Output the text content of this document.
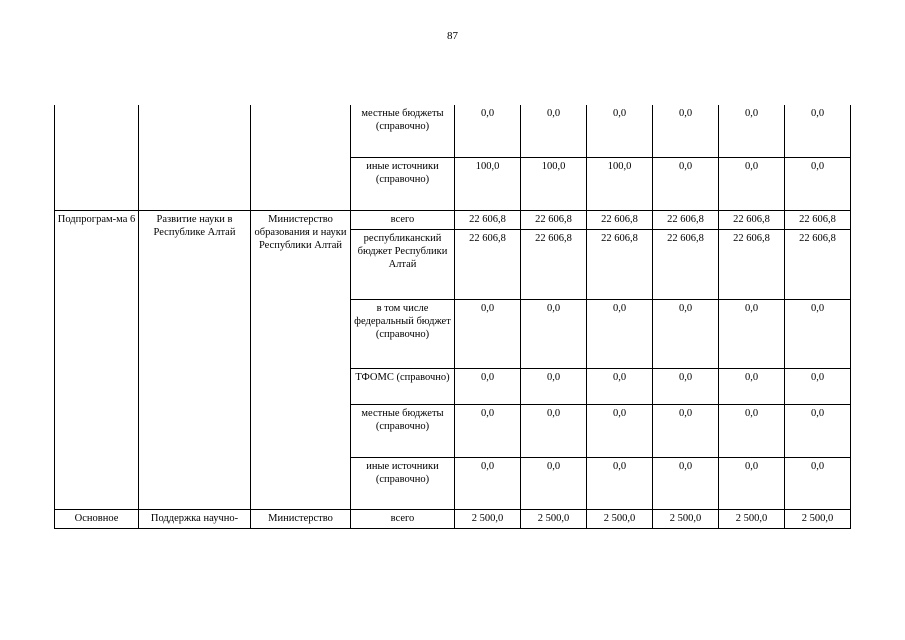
87
			местные бюджеты (справочно)	0,0	0,0	0,0	0,0	0,0	0,0
			иные источники (справочно)	100,0	100,0	100,0	0,0	0,0	0,0
Подпрограм-ма 6	Развитие науки в Республике Алтай	Министерство образования и науки Республики Алтай	всего	22 606,8	22 606,8	22 606,8	22 606,8	22 606,8	22 606,8
			республиканский бюджет Республики Алтай	22 606,8	22 606,8	22 606,8	22 606,8	22 606,8	22 606,8
			в том числе федеральный бюджет (справочно)	0,0	0,0	0,0	0,0	0,0	0,0
			ТФОМС (справочно)	0,0	0,0	0,0	0,0	0,0	0,0
			местные бюджеты (справочно)	0,0	0,0	0,0	0,0	0,0	0,0
			иные источники (справочно)	0,0	0,0	0,0	0,0	0,0	0,0
Основное	Поддержка научно-	Министерство	всего	2 500,0	2 500,0	2 500,0	2 500,0	2 500,0	2 500,0
